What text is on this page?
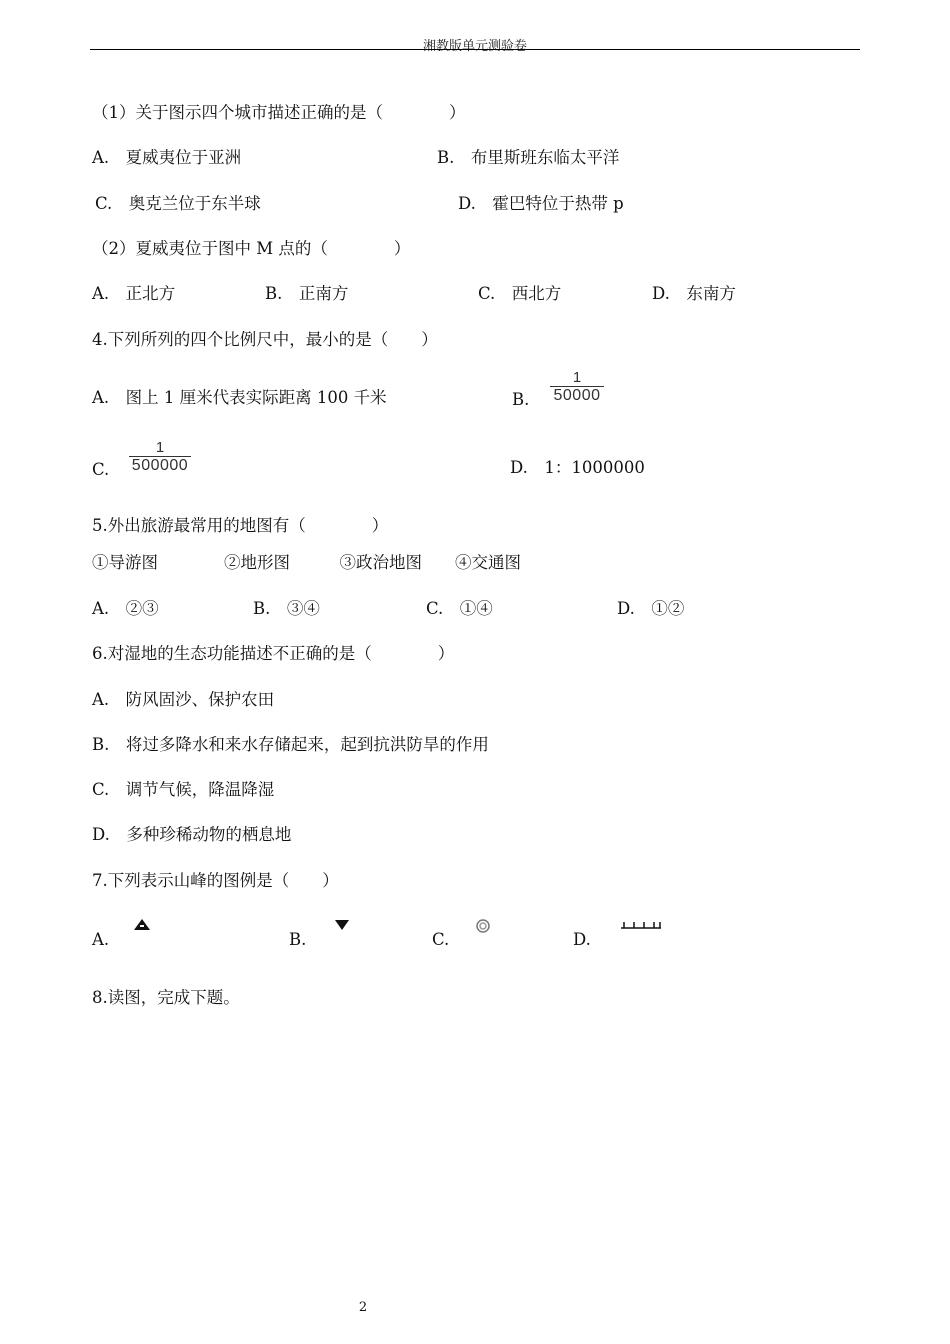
湘教版单元测验卷
（1）关于图示四个城市描述正确的是（　　　　）
A.　夏威夷位于亚洲	B.　布里斯班东临太平洋
C.　奥克兰位于东半球	D.　霍巴特位于热带 p
（2）夏威夷位于图中 M 点的（　　　　）
A.　正北方	B.　正南方	C.　西北方	D.　东南方
4.下列所列的四个比例尺中，最小的是（　　）
A.　图上 1 厘米代表实际距离 100 千米	B.
1
50000
C.
1
500000	D.　1：1000000
5.外出旅游最常用的地图有（　　　　）
①导游图　　　　②地形图　　　③政治地图　　④交通图
A.　②③	B.　③④	C.　①④	D.　①②
6.对湿地的生态功能描述不正确的是（　　　　）
A.　防风固沙、保护农田
B.　将过多降水和来水存储起来，起到抗洪防旱的作用
C.　调节气候，降温降湿
D.　多种珍稀动物的栖息地
7.下列表示山峰的图例是（　　）
A.	B.	C.	D.
8.读图，完成下题。
2
